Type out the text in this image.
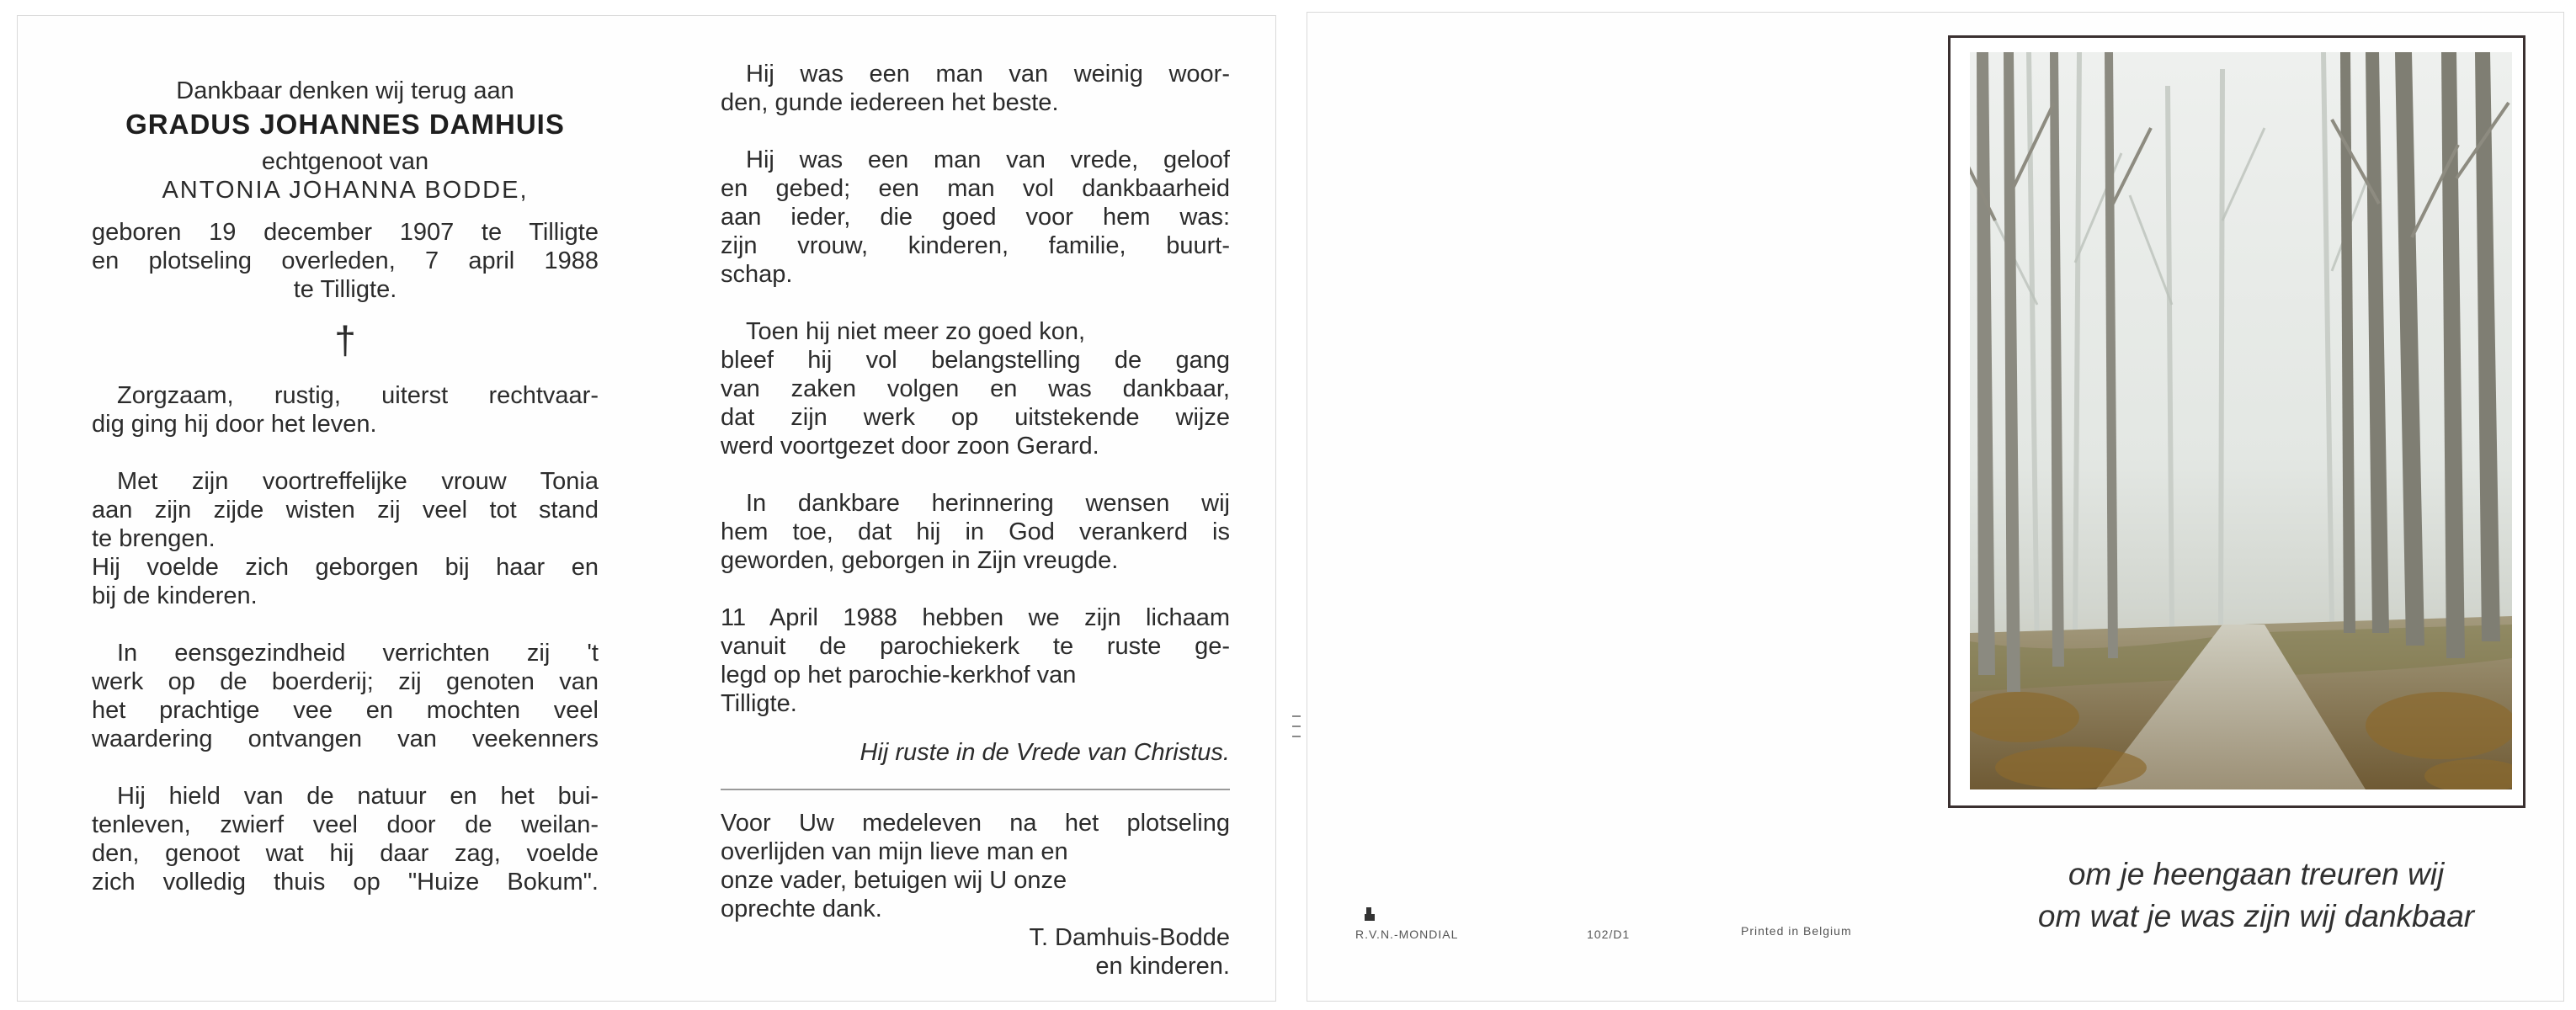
Dankbaar denken wij terug aan
GRADUS JOHANNES DAMHUIS
echtgenoot van
ANTONIA JOHANNA BODDE,
geboren 19 december 1907 te Tilligte
en plotseling overleden, 7 april 1988
te Tilligte.
†
Zorgzaam, rustig, uiterst rechtvaar-
dig ging hij door het leven.
Met zijn voortreffelijke vrouw Tonia
aan zijn zijde wisten zij veel tot stand
te brengen.
Hij voelde zich geborgen bij haar en
bij de kinderen.
In eensgezindheid verrichten zij 't
werk op de boerderij; zij genoten van
het prachtige vee en mochten veel
waardering ontvangen van veekenners
Hij hield van de natuur en het bui-
tenleven, zwierf veel door de weilan-
den, genoot wat hij daar zag, voelde
zich volledig thuis op "Huize Bokum".
Hij was een man van weinig woor-
den, gunde iedereen het beste.
Hij was een man van vrede, geloof
en gebed; een man vol dankbaarheid
aan ieder, die goed voor hem was:
zijn vrouw, kinderen, familie, buurt-
schap.
Toen hij niet meer zo goed kon,
bleef hij vol belangstelling de gang
van zaken volgen en was dankbaar,
dat zijn werk op uitstekende wijze
werd voortgezet door zoon Gerard.
In dankbare herinnering wensen wij
hem toe, dat hij in God verankerd is
geworden, geborgen in Zijn vreugde.
11 April 1988 hebben we zijn lichaam
vanuit de parochiekerk te ruste ge-
legd op het parochie-kerkhof van
Tilligte.
Hij ruste in de Vrede van Christus.
Voor Uw medeleven na het plotseling
overlijden van mijn lieve man en
onze vader, betuigen wij U onze
oprechte dank.
T. Damhuis-Bodde
en kinderen.
om je heengaan treuren wij
om wat je was zijn wij dankbaar
R.V.N.-MONDIAL	102/D1	Printed in Belgium
